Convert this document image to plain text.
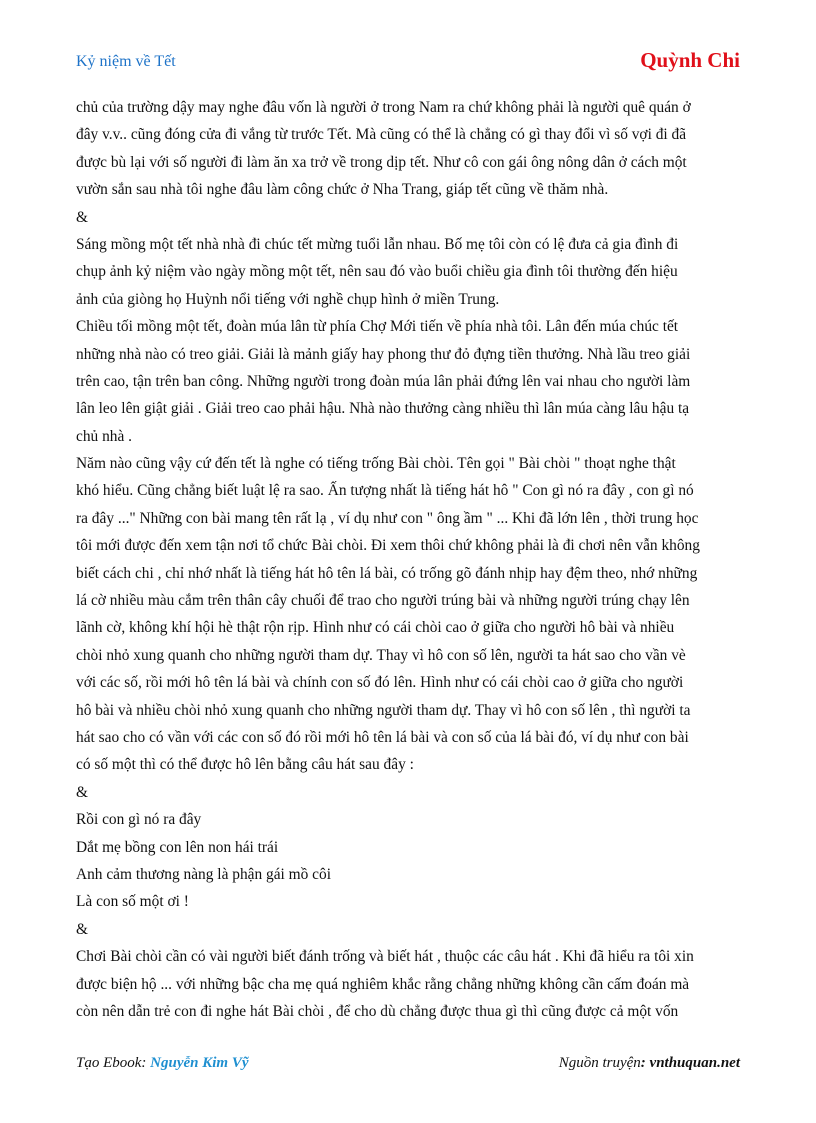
Kỷ niệm về Tết	Quỳnh Chi
chủ của trường dậy may nghe đâu vốn là người ở trong Nam ra chứ không phải là người quê quán ở
đây v.v.. cũng đóng cửa đi vắng từ trước Tết. Mà cũng có thể là chẳng có gì thay đổi vì số vợi đi đã
được bù lại với số người đi làm ăn xa trở về trong dịp tết. Như cô con gái ông nông dân ở cách một
vườn sắn sau nhà tôi nghe đâu làm công chức ở Nha Trang, giáp tết cũng về thăm nhà.
&
Sáng mồng một tết nhà nhà đi chúc tết mừng tuổi lẫn nhau. Bố mẹ tôi còn có lệ đưa cả gia đình đi
chụp ảnh kỷ niệm vào ngày mồng một tết, nên sau đó vào buổi chiều gia đình tôi thường đến hiệu
ảnh của giòng họ Huỳnh nổi tiếng với nghề chụp hình ở miền Trung.
Chiều tối mồng một tết, đoàn múa lân từ phía Chợ Mới tiến về phía nhà tôi. Lân đến múa chúc tết
những nhà nào có treo giải. Giải là mảnh giấy hay phong thư đỏ đựng tiền thưởng. Nhà lầu treo giải
trên cao, tận trên ban công. Những người trong đoàn múa lân phải đứng lên vai nhau cho người làm
lân leo lên giật giải . Giải treo cao phải hậu. Nhà nào thưởng càng nhiều thì lân múa càng lâu hậu tạ
chủ nhà .
Năm nào cũng vậy cứ đến tết là nghe có tiếng trống Bài chòi. Tên gọi " Bài chòi " thoạt nghe thật
khó hiểu. Cũng chẳng biết luật lệ ra sao. Ấn tượng nhất là tiếng hát hô " Con gì nó ra đây , con gì nó
ra đây ..." Những con bài mang tên rất lạ , ví dụ như con " ông ầm " ... Khi đã lớn lên , thời trung học
tôi mới được đến xem tận nơi tổ chức Bài chòi. Đi xem thôi chứ không phải là đi chơi nên vẫn không
biết cách chi , chỉ nhớ nhất là tiếng hát hô tên lá bài, có trống gõ đánh nhịp hay đệm theo, nhớ những
lá cờ nhiều màu cắm trên thân cây chuối để trao cho người trúng bài và những người trúng chạy lên
lãnh cờ, không khí hội hè thật rộn rịp. Hình như có cái chòi cao ở giữa cho người hô bài và nhiều
chòi nhỏ xung quanh cho những người tham dự. Thay vì hô con số lên, người ta hát sao cho vần vè
với các số, rồi mới hô tên lá bài và chính con số đó lên. Hình như có cái chòi cao ở giữa cho người
hô bài và nhiều chòi nhỏ xung quanh cho những người tham dự. Thay vì hô con số lên , thì người ta
hát sao cho có vần với các con số đó rồi mới hô tên lá bài và con số của lá bài đó, ví dụ như con bài
có số một thì có thể được hô lên bằng câu hát sau đây :
&
Rồi con gì nó ra đây
Dắt mẹ bồng con lên non hái trái
Anh cảm thương nàng là phận gái mồ côi
Là con số một ơi !
&
Chơi Bài chòi cần có vài người biết đánh trống và biết hát , thuộc các câu hát . Khi đã hiểu ra tôi xin
được biện hộ ... với những bậc cha mẹ quá nghiêm khắc rằng chẳng những không cần cấm đoán mà
còn nên dẫn trẻ con đi nghe hát Bài chòi , để cho dù chẳng được thua gì thì cũng được cả một vốn
Tạo Ebook: Nguyễn Kim Vỹ	Nguồn truyện: vnthuquan.net
